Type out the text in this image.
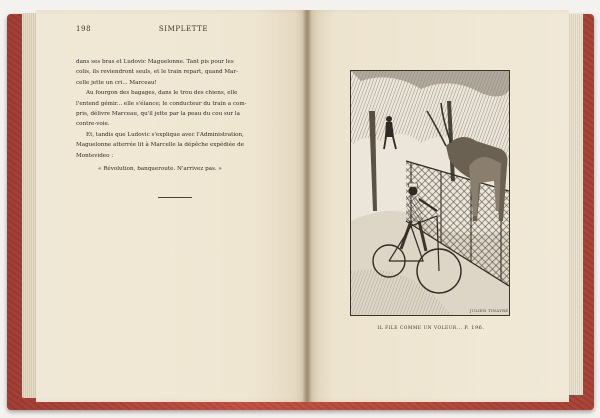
198	SIMPLETTE
dans ses bras et Ludovic Maguelonne. Tant pis pour les
colis, ils reviendront seuls, et le train repart, quand Mar-
celle jette un cri... Marceau!
Au fourgon des bagages, dans le trou des chiens, elle
l'entend gémir... elle s'élance; le conducteur du train a com-
pris, délivre Marceau, qu'il jette par la peau du cou sur la
contre-voie.
Et, tandis que Ludovic s'explique avec l'Administration,
Maguelonne atterrée lit à Marcelle la dépêche expédiée de
Montevideo :
« Révolution, banqueroute. N'arrivez pas. »
JULIEN TINAYRE
IL FILE COMME UN VOLEUR... P. 196.
